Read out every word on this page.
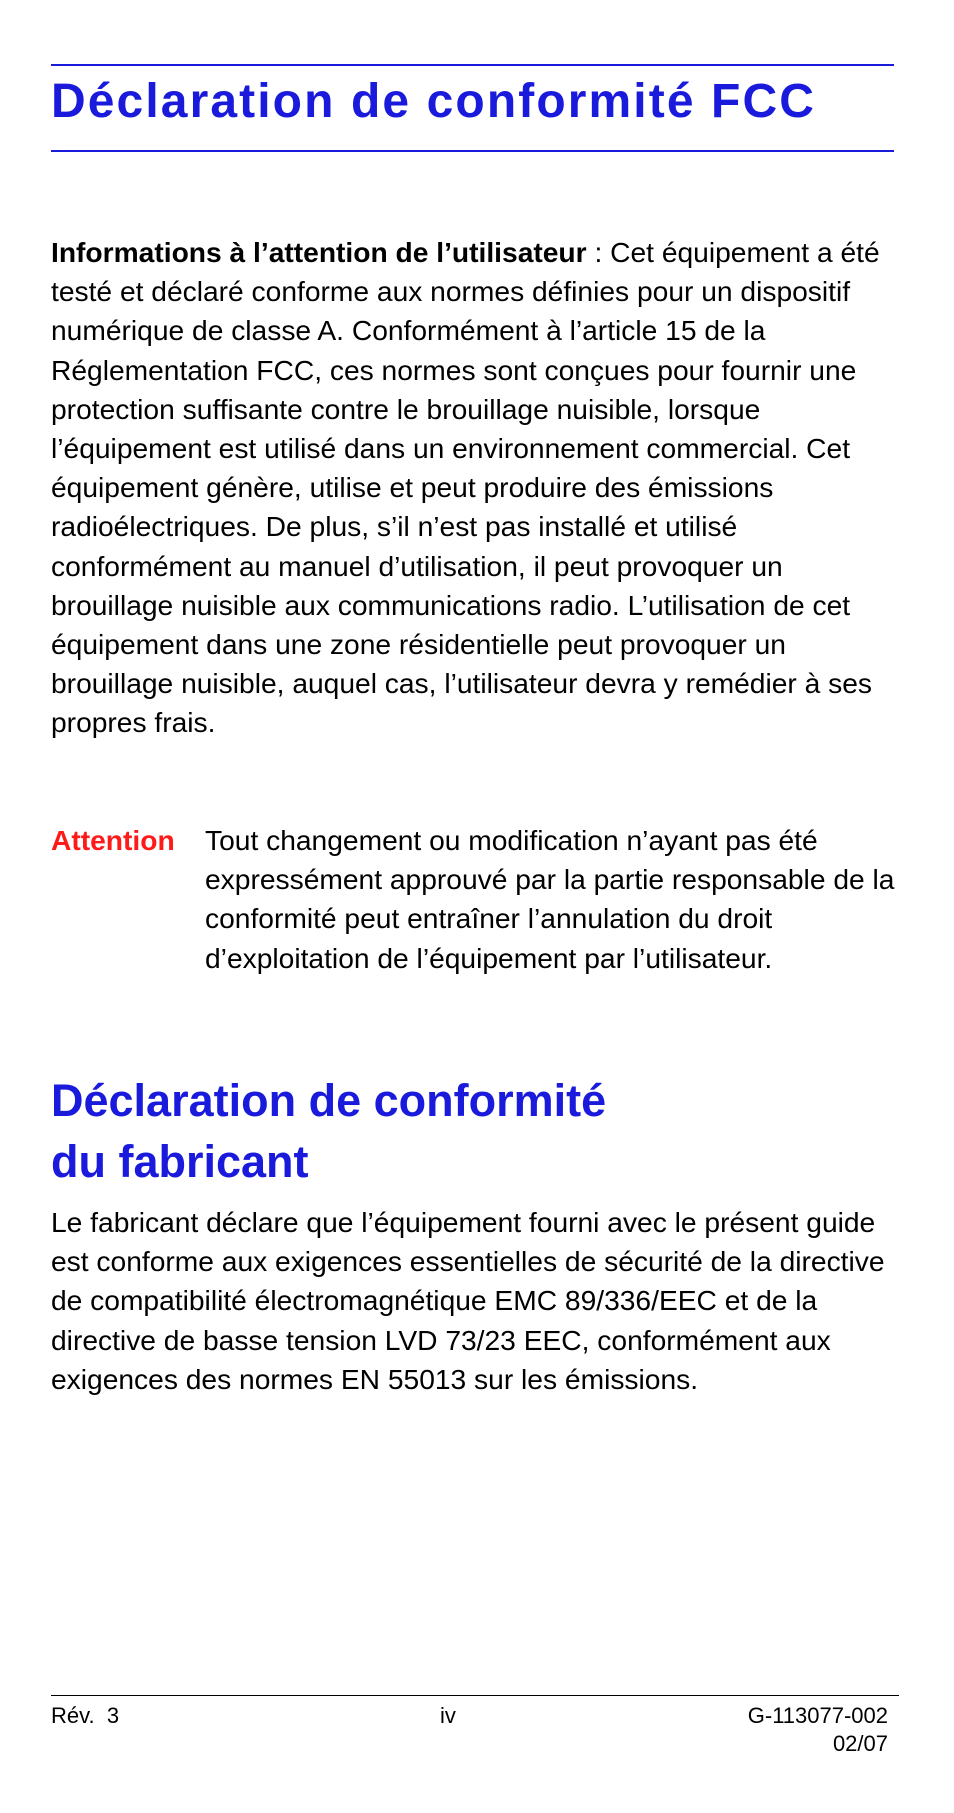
Déclaration de conformité FCC

Informations à l’attention de l’utilisateur : Cet équipement a été testé et déclaré conforme aux normes définies pour un dispositif numérique de classe A. Conformément à l’article 15 de la Réglementation FCC, ces normes sont conçues pour fournir une protection suffisante contre le brouillage nuisible, lorsque l’équipement est utilisé dans un environnement commercial. Cet équipement génère, utilise et peut produire des émissions radioélectriques. De plus, s’il n’est pas installé et utilisé conformément au manuel d’utilisation, il peut provoquer un brouillage nuisible aux communications radio. L’utilisation de cet équipement dans une zone résidentielle peut provoquer un brouillage nuisible, auquel cas, l’utilisateur devra y remédier à ses propres frais.

Attention Tout changement ou modification n’ayant pas été expressément approuvé par la partie responsable de la conformité peut entraîner l’annulation du droit d’exploitation de l’équipement par l’utilisateur.

Déclaration de conformité
du fabricant

Le fabricant déclare que l’équipement fourni avec le présent guide est conforme aux exigences essentielles de sécurité de la directive de compatibilité électromagnétique EMC 89/336/EEC et de la directive de basse tension LVD 73/23 EEC, conformément aux exigences des normes EN 55013 sur les émissions.

Rév.  3	iv	G-113077-002
02/07
